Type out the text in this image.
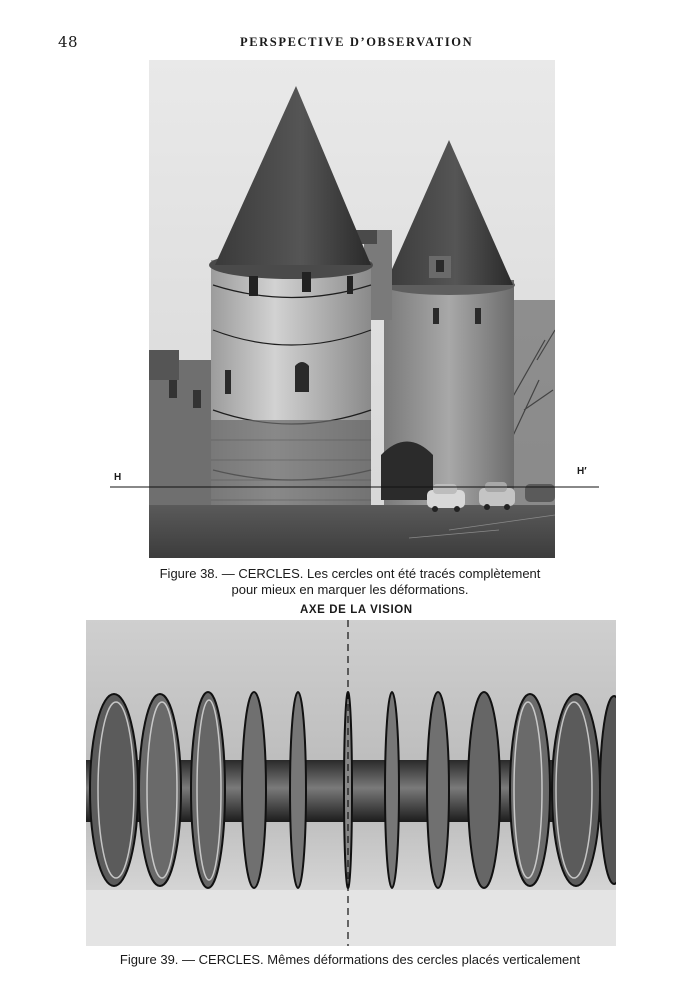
48	PERSPECTIVE D’OBSERVATION
H
H′
Figure 38. — CERCLES. Les cercles ont été tracés complètement
pour mieux en marquer les déformations.
AXE DE LA VISION
Figure 39. — CERCLES. Mêmes déformations des cercles placés verticalement
